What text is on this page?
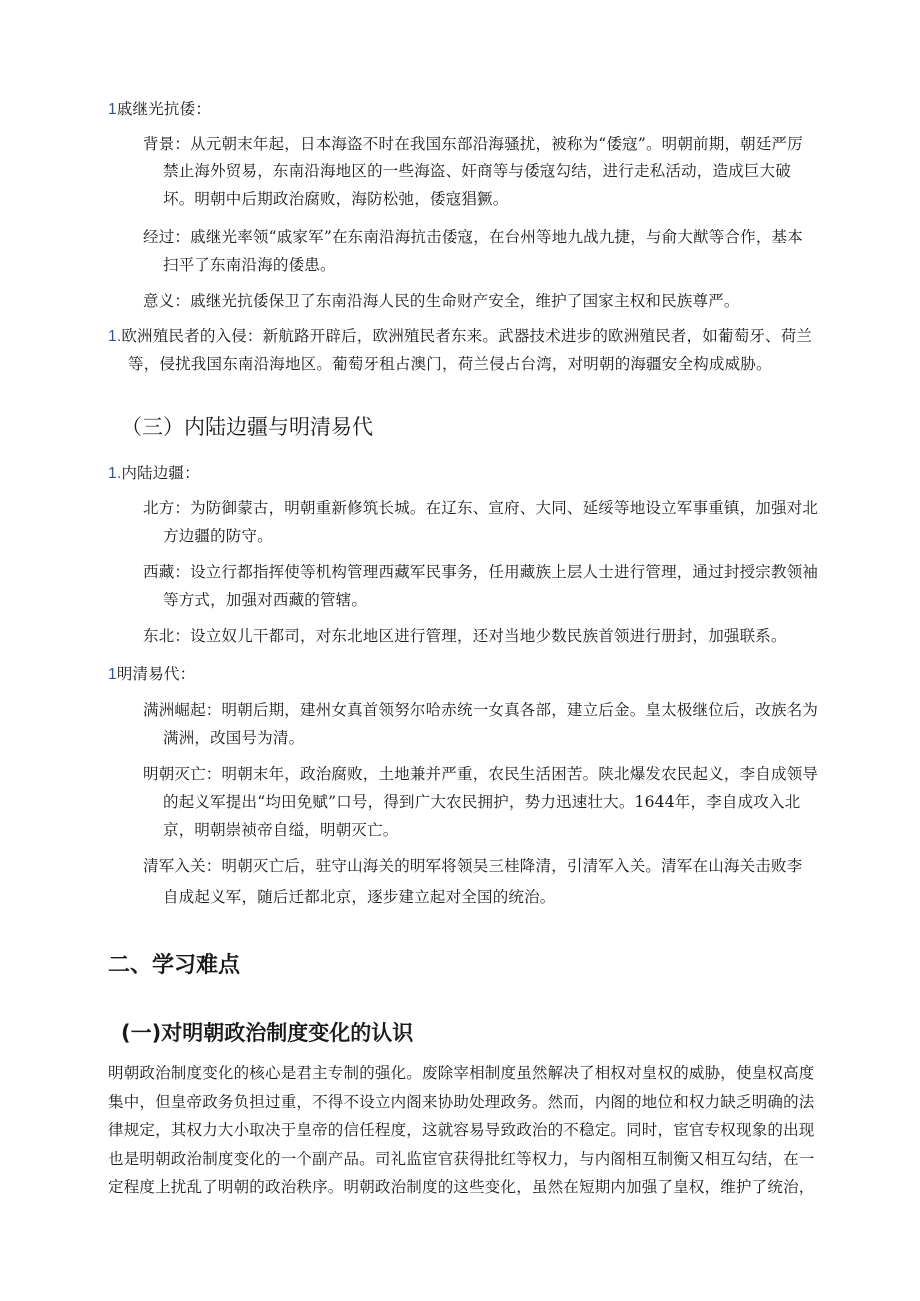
1戚继光抗倭：
背景：从元朝末年起，日本海盗不时在我国东部沿海骚扰，被称为“倭寇”。明朝前期，朝廷严厉
禁止海外贸易，东南沿海地区的一些海盗、奸商等与倭寇勾结，进行走私活动，造成巨大破
坏。明朝中后期政治腐败，海防松弛，倭寇猖獗。
经过：戚继光率领“戚家军”在东南沿海抗击倭寇，在台州等地九战九捷，与俞大猷等合作，基本
扫平了东南沿海的倭患。
意义：戚继光抗倭保卫了东南沿海人民的生命财产安全，维护了国家主权和民族尊严。
1.欧洲殖民者的入侵：新航路开辟后，欧洲殖民者东来。武器技术进步的欧洲殖民者，如葡萄牙、荷兰
等，侵扰我国东南沿海地区。葡萄牙租占澳门，荷兰侵占台湾，对明朝的海疆安全构成威胁。
（三）内陆边疆与明清易代
1.内陆边疆：
北方：为防御蒙古，明朝重新修筑长城。在辽东、宣府、大同、延绥等地设立军事重镇，加强对北
方边疆的防守。
西藏：设立行都指挥使等机构管理西藏军民事务，任用藏族上层人士进行管理，通过封授宗教领袖
等方式，加强对西藏的管辖。
东北：设立奴儿干都司，对东北地区进行管理，还对当地少数民族首领进行册封，加强联系。
1明清易代：
满洲崛起：明朝后期，建州女真首领努尔哈赤统一女真各部，建立后金。皇太极继位后，改族名为
满洲，改国号为清。
明朝灭亡：明朝末年，政治腐败，土地兼并严重，农民生活困苦。陕北爆发农民起义，李自成领导
的起义军提出“均田免赋”口号，得到广大农民拥护，势力迅速壮大。1644年，李自成攻入北
京，明朝崇祯帝自缢，明朝灭亡。
清军入关：明朝灭亡后，驻守山海关的明军将领吴三桂降清，引清军入关。清军在山海关击败李
自成起义军，随后迁都北京，逐步建立起对全国的统治。
二、学习难点
(一)对明朝政治制度变化的认识
明朝政治制度变化的核心是君主专制的强化。废除宰相制度虽然解决了相权对皇权的威胁，使皇权高度
集中，但皇帝政务负担过重，不得不设立内阁来协助处理政务。然而，内阁的地位和权力缺乏明确的法
律规定，其权力大小取决于皇帝的信任程度，这就容易导致政治的不稳定。同时，宦官专权现象的出现
也是明朝政治制度变化的一个副产品。司礼监宦官获得批红等权力，与内阁相互制衡又相互勾结，在一
定程度上扰乱了明朝的政治秩序。明朝政治制度的这些变化，虽然在短期内加强了皇权，维护了统治，
